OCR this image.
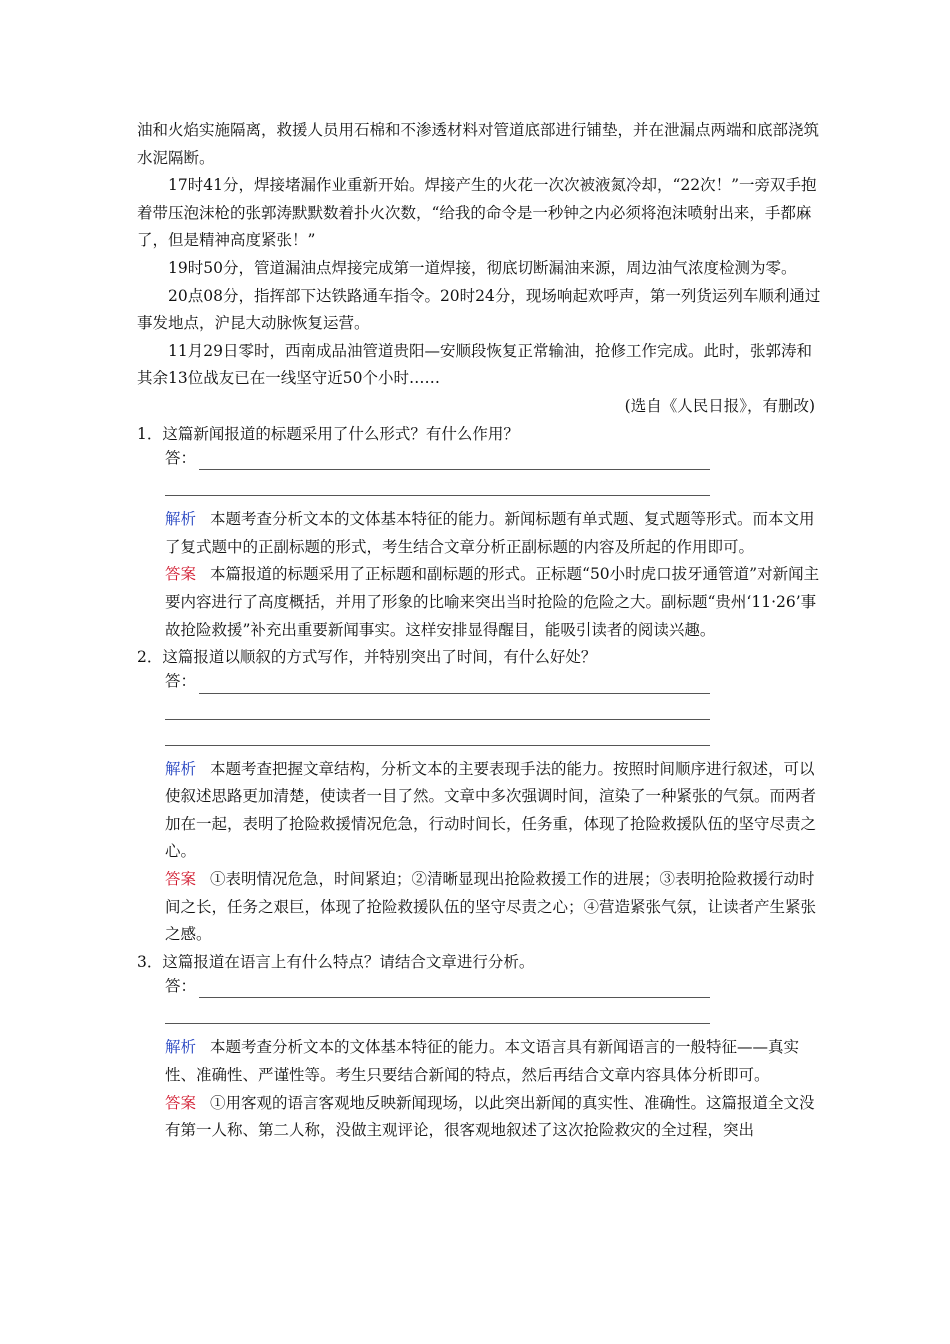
油和火焰实施隔离，救援人员用石棉和不渗透材料对管道底部进行铺垫，并在泄漏点两端和底部浇筑水泥隔断。

17时41分，焊接堵漏作业重新开始。焊接产生的火花一次次被液氮冷却，“22次！”一旁双手抱着带压泡沫枪的张郭涛默默数着扑火次数，“给我的命令是一秒钟之内必须将泡沫喷射出来，手都麻了，但是精神高度紧张！”

19时50分，管道漏油点焊接完成第一道焊接，彻底切断漏油来源，周边油气浓度检测为零。

20点08分，指挥部下达铁路通车指令。20时24分，现场响起欢呼声，第一列货运列车顺利通过事发地点，沪昆大动脉恢复运营。

11月29日零时，西南成品油管道贵阳—安顺段恢复正常输油，抢修工作完成。此时，张郭涛和其余13位战友已在一线坚守近50个小时……

(选自《人民日报》，有删改)

1．这篇新闻报道的标题采用了什么形式？有什么作用？

答：

解析 本题考查分析文本的文体基本特征的能力。新闻标题有单式题、复式题等形式。而本文用了复式题中的正副标题的形式，考生结合文章分析正副标题的内容及所起的作用即可。

答案 本篇报道的标题采用了正标题和副标题的形式。正标题“50小时虎口拔牙通管道”对新闻主要内容进行了高度概括，并用了形象的比喻来突出当时抢险的危险之大。副标题“贵州‘11·26’事故抢险救援”补充出重要新闻事实。这样安排显得醒目，能吸引读者的阅读兴趣。

2．这篇报道以顺叙的方式写作，并特别突出了时间，有什么好处？

答：

解析 本题考查把握文章结构，分析文本的主要表现手法的能力。按照时间顺序进行叙述，可以使叙述思路更加清楚，使读者一目了然。文章中多次强调时间，渲染了一种紧张的气氛。而两者加在一起，表明了抢险救援情况危急，行动时间长，任务重，体现了抢险救援队伍的坚守尽责之心。

答案 ①表明情况危急，时间紧迫；②清晰显现出抢险救援工作的进展；③表明抢险救援行动时间之长，任务之艰巨，体现了抢险救援队伍的坚守尽责之心；④营造紧张气氛，让读者产生紧张之感。

3．这篇报道在语言上有什么特点？请结合文章进行分析。

答：

解析 本题考查分析文本的文体基本特征的能力。本文语言具有新闻语言的一般特征——真实性、准确性、严谨性等。考生只要结合新闻的特点，然后再结合文章内容具体分析即可。

答案 ①用客观的语言客观地反映新闻现场，以此突出新闻的真实性、准确性。这篇报道全文没有第一人称、第二人称，没做主观评论，很客观地叙述了这次抢险救灾的全过程，突出
